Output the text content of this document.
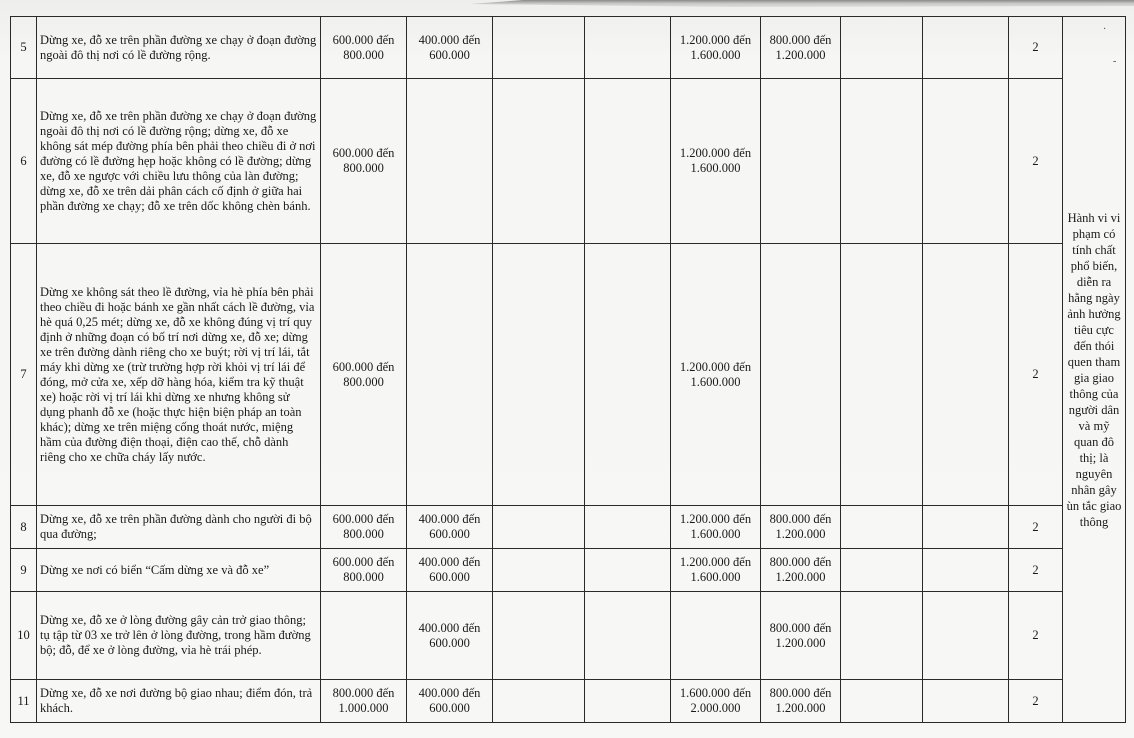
5	Dừng xe, đỗ xe trên phần đường xe chạy ở đoạn đường ngoài đô thị nơi có lề đường rộng.	600.000 đến 800.000	400.000 đến 600.000			1.200.000 đến 1.600.000	800.000 đến 1.200.000			2	Hành vi vi phạm có tính chất phổ biến, diễn ra hằng ngày ảnh hưởng tiêu cực đến thói quen tham gia giao thông của người dân và mỹ quan đô thị; là nguyên nhân gây ùn tắc giao thông
6	Dừng xe, đỗ xe trên phần đường xe chạy ở đoạn đường ngoài đô thị nơi có lề đường rộng; dừng xe, đỗ xe không sát mép đường phía bên phải theo chiều đi ở nơi đường có lề đường hẹp hoặc không có lề đường; dừng xe, đỗ xe ngược với chiều lưu thông của làn đường; dừng xe, đỗ xe trên dải phân cách cố định ở giữa hai phần đường xe chạy; đỗ xe trên dốc không chèn bánh.	600.000 đến 800.000				1.200.000 đến 1.600.000				2	
7	Dừng xe không sát theo lề đường, vỉa hè phía bên phải theo chiều đi hoặc bánh xe gần nhất cách lề đường, vỉa hè quá 0,25 mét; dừng xe, đỗ xe không đúng vị trí quy định ở những đoạn có bố trí nơi dừng xe, đỗ xe; dừng xe trên đường dành riêng cho xe buýt; rời vị trí lái, tắt máy khi dừng xe (trừ trường hợp rời khỏi vị trí lái để đóng, mở cửa xe, xếp dỡ hàng hóa, kiểm tra kỹ thuật xe) hoặc rời vị trí lái khi dừng xe nhưng không sử dụng phanh đỗ xe (hoặc thực hiện biện pháp an toàn khác); dừng xe trên miệng cống thoát nước, miệng hầm của đường điện thoại, điện cao thế, chỗ dành riêng cho xe chữa cháy lấy nước.	600.000 đến 800.000				1.200.000 đến 1.600.000				2	
8	Dừng xe, đỗ xe trên phần đường dành cho người đi bộ qua đường;	600.000 đến 800.000	400.000 đến 600.000			1.200.000 đến 1.600.000	800.000 đến 1.200.000			2	
9	Dừng xe nơi có biển “Cấm dừng xe và đỗ xe”	600.000 đến 800.000	400.000 đến 600.000			1.200.000 đến 1.600.000	800.000 đến 1.200.000			2	
10	Dừng xe, đỗ xe ở lòng đường gây cản trở giao thông; tụ tập từ 03 xe trở lên ở lòng đường, trong hầm đường bộ; đỗ, để xe ở lòng đường, vỉa hè trái phép.		400.000 đến 600.000				800.000 đến 1.200.000			2	
11	Dừng xe, đỗ xe nơi đường bộ giao nhau; điểm đón, trả khách.	800.000 đến 1.000.000	400.000 đến 600.000			1.600.000 đến 2.000.000	800.000 đến 1.200.000			2	
·
-
